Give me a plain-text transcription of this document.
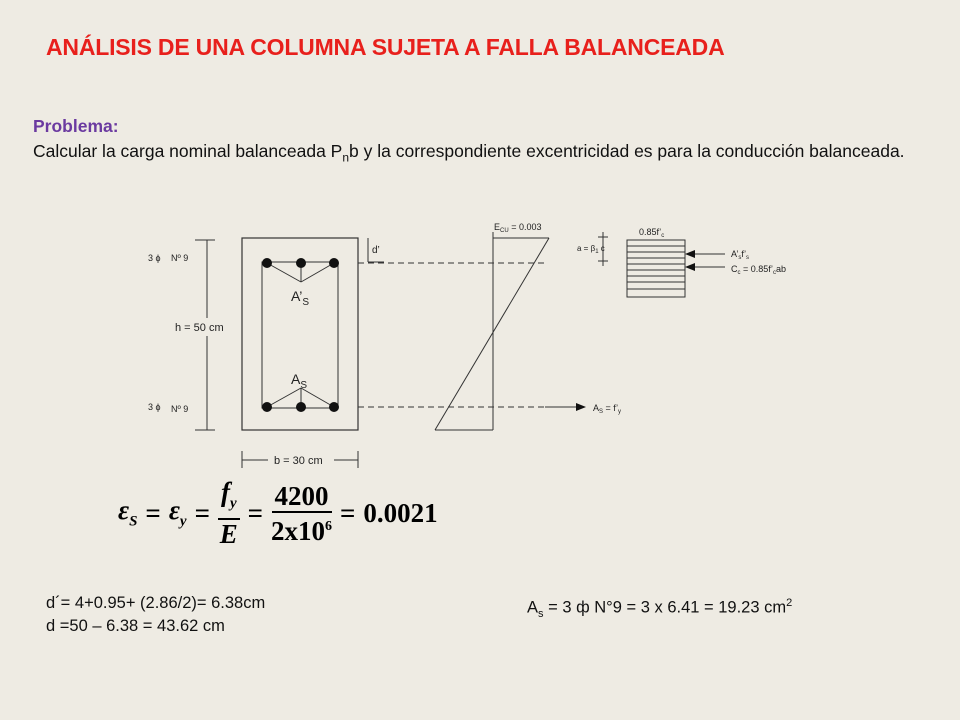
ANÁLISIS DE UNA COLUMNA SUJETA A FALLA BALANCEADA
Problema:
Calcular la carga nominal balanceada $P_nb$ y la correspondiente excentricidad es para la conducción balanceada.
3 ϕ Nº 9
3 ϕ Nº 9
h = 50 cm
$A’_S$
$A_S$
d’
b = 30 cm
$E_{CU} = 0.003$
$A_S$ = $f’_y$
$0.85f’_c$
$a = \beta_1$ c
$A’_sf’_s$
$C_c$ = $0.85f’_cab$
$\varepsilon_S = \varepsilon_y = \frac{f_y}{E} = \frac{4200}{2x10^6} = 0.0021$
d´= 4+0.95+ (2.86/2)= 6.38cm
d =50 – 6.38 = 43.62 cm
$A_s = 3$ ф N°9 = 3 x 6.41 = 19.23 $cm^2$
